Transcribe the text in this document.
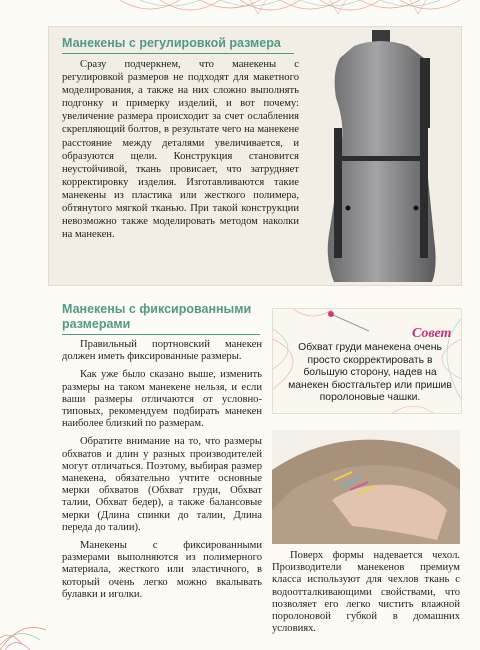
Манекены с регулировкой размера

Сразу подчеркнем, что манекены с регулировкой размеров не подходят для макетного моделирования, а также на них сложно выполнять подгонку и примерку изделий, и вот почему: увеличение размера происходит за счет ослабления скрепляющий болтов, в результате чего на манекене расстояние между деталями увеличивается, и образуются щели. Конструкция становится неустойчивой, ткань провисает, что затрудняет корректировку изделия. Изготавливаются такие манекены из пластика или жесткого полимера, обтянутого мягкой тканью. При такой конструкции невозможно также моделировать методом наколки на манекен.

Манекены с фиксированными размерами

Правильный портновский манекен должен иметь фиксированные размеры.

Как уже было сказано выше, изменить размеры на таком манекене нельзя, и если ваши размеры отличаются от условно-типовых, рекомендуем подбирать манекен наиболее близкий по размерам.

Обратите внимание на то, что размеры обхватов и длин у разных производителей могут отличаться. Поэтому, выбирая размер манекена, обязательно учтите основные мерки обхватов (Обхват груди, Обхват талии, Обхват бедер), а также балансовые мерки (Длина спинки до талии, Длина переда до талии).

Манекены с фиксированными размерами выполняются из полимерного материала, жесткого или эластичного, в который очень легко можно вкалывать булавки и иголки.

Совет
Обхват груди манекена очень просто скорректировать в большую сторону, надев на манекен бюстгальтер или пришив поролоновые чашки.

Поверх формы надевается чехол. Производители манекенов премиум класса используют для чехлов ткань с водоотталкивающими свойствами, что позволяет его легко чистить влажной поролоновой губкой в домашних условиях.
